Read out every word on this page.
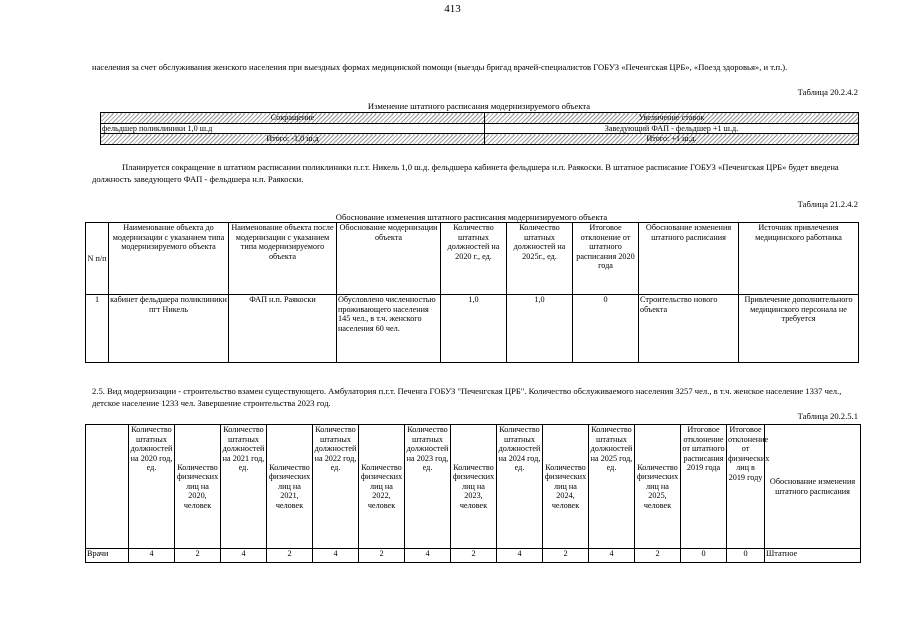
413
населения за счет обслуживания женского населения при выездных формах медицинской помощи (выезды бригад врачей-специалистов ГОБУЗ «Печенгская ЦРБ», «Поезд здоровья», и т.п.).
Таблица 20.2.4.2
Изменение штатного расписания модернизируемого объекта
Сокращение	Увеличение ставок
фельдшер поликлиники 1,0 ш.д	Заведующий ФАП - фельдшер +1 ш.д.
Итого: -1,0 ш.д	Итого: +1 ш.д.
Планируется сокращение в штатном расписании поликлиники п.г.т. Никель 1,0 ш.д. фельдшера кабинета фельдшера н.п. Раякоски. В штатное расписание ГОБУЗ «Печенгская ЦРБ» будет введена должность заведующего ФАП - фельдшера н.п. Раякоски.
Таблица 21.2.4.2
Обоснование изменения штатного расписания модернизируемого объекта
N п/п	Наименование объекта до модернизации с указанием типа модернизируемого объекта	Наименование объекта после модернизации с указанием типа модернизируемого объекта	Обоснование модернизации объекта	Количество штатных должностей на 2020 г., ед.	Количество штатных должностей на 2025г., ед.	Итоговое отклонение от штатного расписания 2020 года	Обоснование изменения штатного расписания	Источник привлечения медицинского работника
1	кабинет фельдшера поликлиники пгт Никель	ФАП н.п. Раякоски	Обусловлено численностью проживающего населения 145 чел., в т.ч. женского населения 60 чел.	1,0	1,0	0	Строительство нового объекта	Привлечение дополнительного медицинского персонала не требуется
2.5. Вид модернизации - строительство взамен существующего. Амбулатория п.г.т. Печенга ГОБУЗ "Печенгская ЦРБ". Количество обслуживаемого населения 3257 чел., в т.ч. женское население 1337 чел., детское население 1233 чел. Завершение строительства 2023 год.
Таблица 20.2.5.1
	Количество штатных должностей на 2020 год, ед.	Количество физических лиц на 2020, человек	Количество штатных должностей на 2021 год, ед.	Количество физических лиц на 2021, человек	Количество штатных должностей на 2022 год, ед.	Количество физических лиц на 2022, человек	Количество штатных должностей на 2023 год, ед.	Количество физических лиц на 2023, человек	Количество штатных должностей на 2024 год, ед.	Количество физических лиц на 2024, человек	Количество штатных должностей на 2025 год, ед.	Количество физических лиц на 2025, человек	Итоговое отклонение от штатного расписания 2019 года	Итоговое отклонение от физических лиц в 2019 году	Обоснование изменения штатного расписания
Врачи	4	2	4	2	4	2	4	2	4	2	4	2	0	0	Штатное
